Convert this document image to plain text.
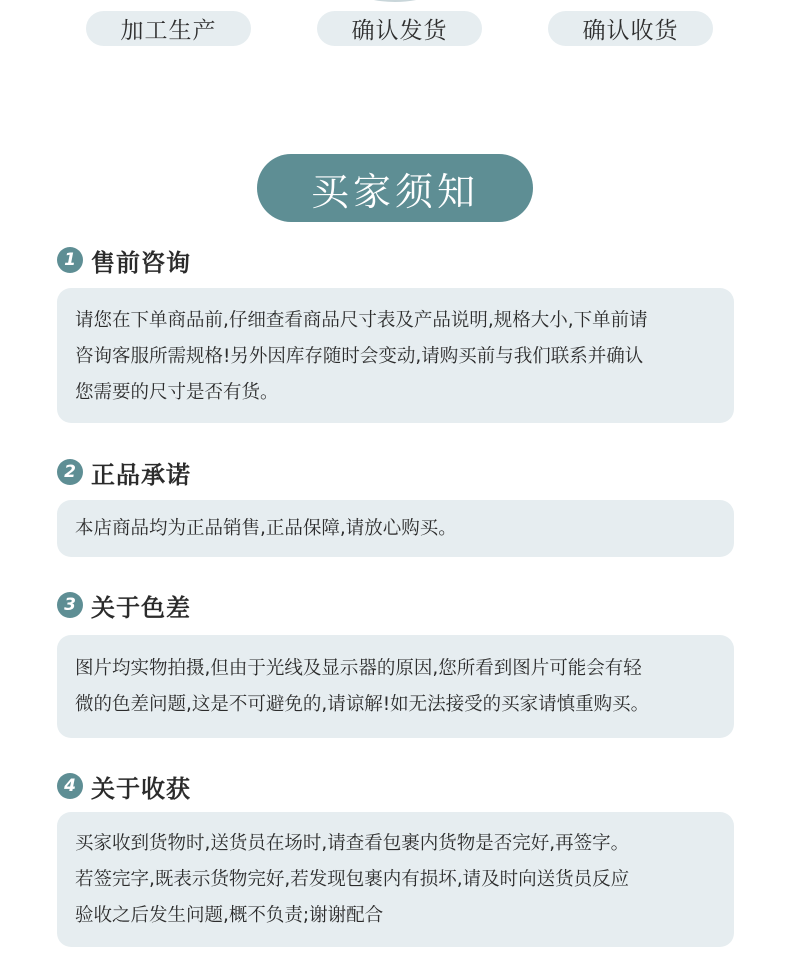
加工生产	确认发货	确认收货
买家须知
1 售前咨询
请您在下单商品前,仔细查看商品尺寸表及产品说明,规格大小,下单前请
咨询客服所需规格!另外因库存随时会变动,请购买前与我们联系并确认
您需要的尺寸是否有货。
2 正品承诺
本店商品均为正品销售,正品保障,请放心购买。
3 关于色差
图片均实物拍摄,但由于光线及显示器的原因,您所看到图片可能会有轻
微的色差问题,这是不可避免的,请谅解!如无法接受的买家请慎重购买。
4 关于收获
买家收到货物时,送货员在场时,请查看包裹内货物是否完好,再签字。
若签完字,既表示货物完好,若发现包裹内有损坏,请及时向送货员反应
验收之后发生问题,概不负责;谢谢配合
